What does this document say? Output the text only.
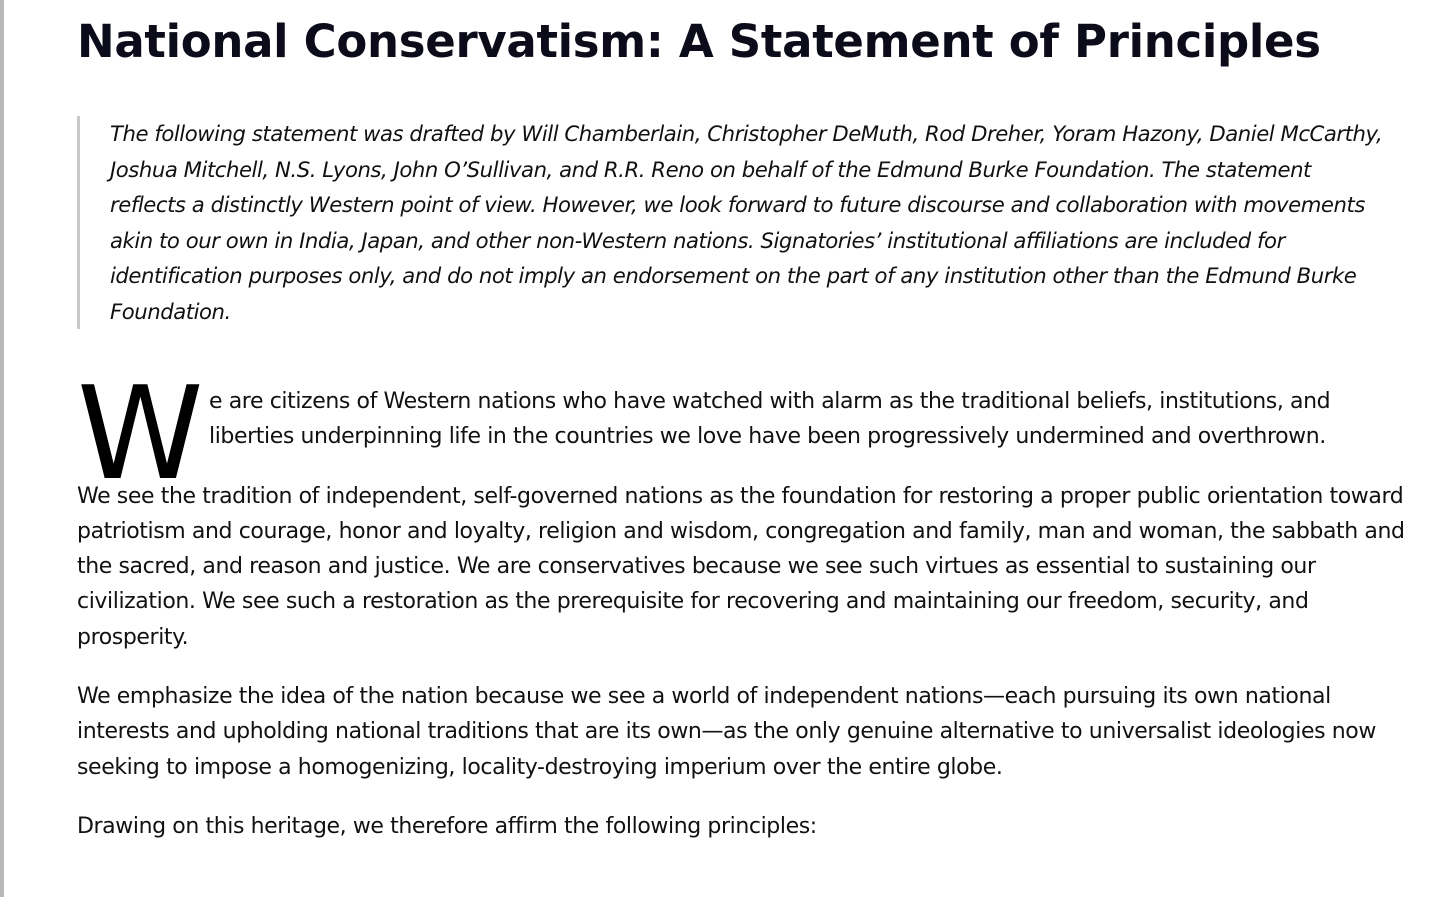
National Conservatism: A Statement of Principles
The following statement was drafted by Will Chamberlain, Christopher DeMuth, Rod Dreher, Yoram Hazony, Daniel McCarthy, Joshua Mitchell, N.S. Lyons, John O’Sullivan, and R.R. Reno on behalf of the Edmund Burke Foundation. The statement reflects a distinctly Western point of view. However, we look forward to future discourse and collaboration with movements akin to our own in India, Japan, and other non-Western nations. Signatories’ institutional affiliations are included for identification purposes only, and do not imply an endorsement on the part of any institution other than the Edmund Burke Foundation.

W e are citizens of Western nations who have watched with alarm as the traditional beliefs, institutions, and liberties underpinning life in the countries we love have been progressively undermined and overthrown.

We see the tradition of independent, self-governed nations as the foundation for restoring a proper public orientation toward patriotism and courage, honor and loyalty, religion and wisdom, congregation and family, man and woman, the sabbath and the sacred, and reason and justice. We are conservatives because we see such virtues as essential to sustaining our civilization. We see such a restoration as the prerequisite for recovering and maintaining our freedom, security, and prosperity.

We emphasize the idea of the nation because we see a world of independent nations—each pursuing its own national interests and upholding national traditions that are its own—as the only genuine alternative to universalist ideologies now seeking to impose a homogenizing, locality-destroying imperium over the entire globe.

Drawing on this heritage, we therefore affirm the following principles:
